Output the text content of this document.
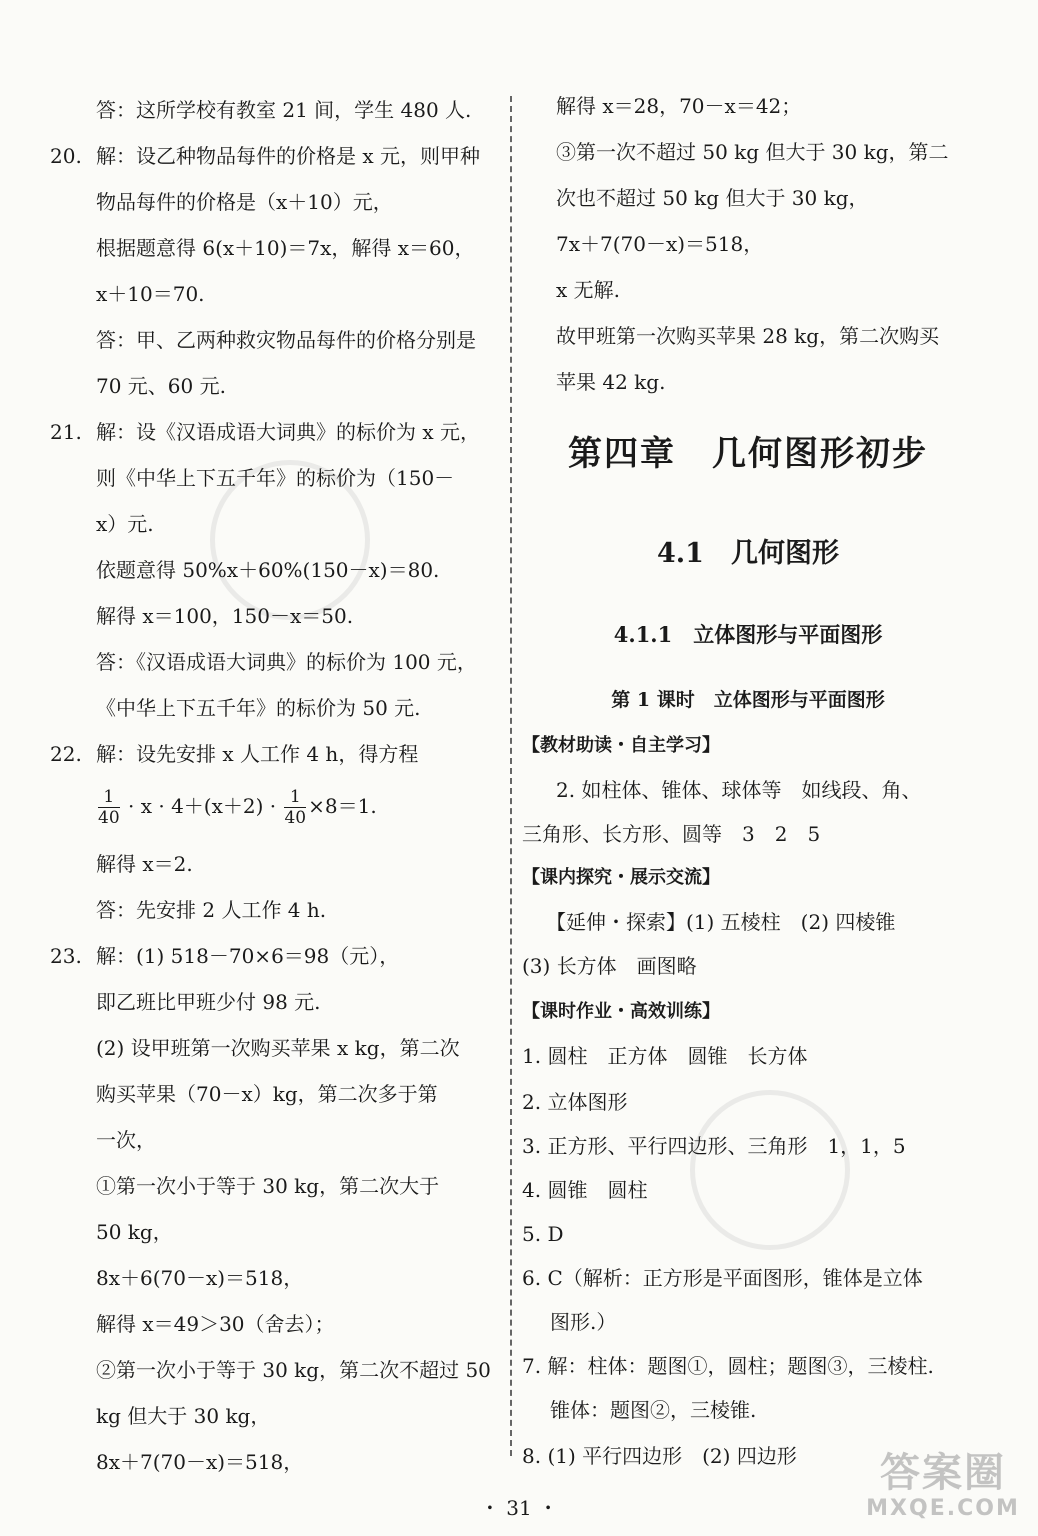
答：这所学校有教室 21 间，学生 480 人.
20. 解：设乙种物品每件的价格是 x 元，则甲种
物品每件的价格是（x＋10）元，
根据题意得 6(x＋10)＝7x，解得 x＝60，
x＋10＝70.
答：甲、乙两种救灾物品每件的价格分别是
70 元、60 元.
21. 解：设《汉语成语大词典》的标价为 x 元，
则《中华上下五千年》的标价为（150－
x）元.
依题意得 50%x＋60%(150－x)＝80.
解得 x＝100，150－x＝50.
答：《汉语成语大词典》的标价为 100 元，
《中华上下五千年》的标价为 50 元.
22. 解：设先安排 x 人工作 4 h，得方程
$\frac{1}{40} \cdot x \cdot 4+(x+2) \cdot \frac{1}{40} \times 8=1$.
解得 x＝2.
答：先安排 2 人工作 4 h.
23. 解：(1) 518－70×6＝98（元），
即乙班比甲班少付 98 元.
(2) 设甲班第一次购买苹果 x kg，第二次
购买苹果（70－x）kg，第二次多于第
一次，
①第一次小于等于 30 kg，第二次大于
50 kg，
8x＋6(70－x)＝518，
解得 x＝49＞30（舍去）；
②第一次小于等于 30 kg，第二次不超过 50
kg 但大于 30 kg，
8x＋7(70－x)＝518，
解得 x＝28，70－x＝42；
③第一次不超过 50 kg 但大于 30 kg，第二
次也不超过 50 kg 但大于 30 kg，
7x＋7(70－x)＝518，
x 无解.
故甲班第一次购买苹果 28 kg，第二次购买
苹果 42 kg.
第四章　几何图形初步
4.1　几何图形
4.1.1　立体图形与平面图形
第 1 课时　立体图形与平面图形
【教材助读・自主学习】
2. 如柱体、锥体、球体等　如线段、角、
三角形、长方形、圆等　3　2　5
【课内探究・展示交流】
【延伸・探索】(1) 五棱柱　(2) 四棱锥
(3) 长方体　画图略
【课时作业・高效训练】
1. 圆柱　正方体　圆锥　长方体
2. 立体图形
3. 正方形、平行四边形、三角形　1，1，5
4. 圆锥　圆柱
5. D
6. C（解析：正方形是平面图形，锥体是立体
图形.）
7. 解：柱体：题图①，圆柱；题图③，三棱柱.
锥体：题图②，三棱锥.
8. (1) 平行四边形　(2) 四边形
・ 31 ・
答案圈
MXQE.COM
